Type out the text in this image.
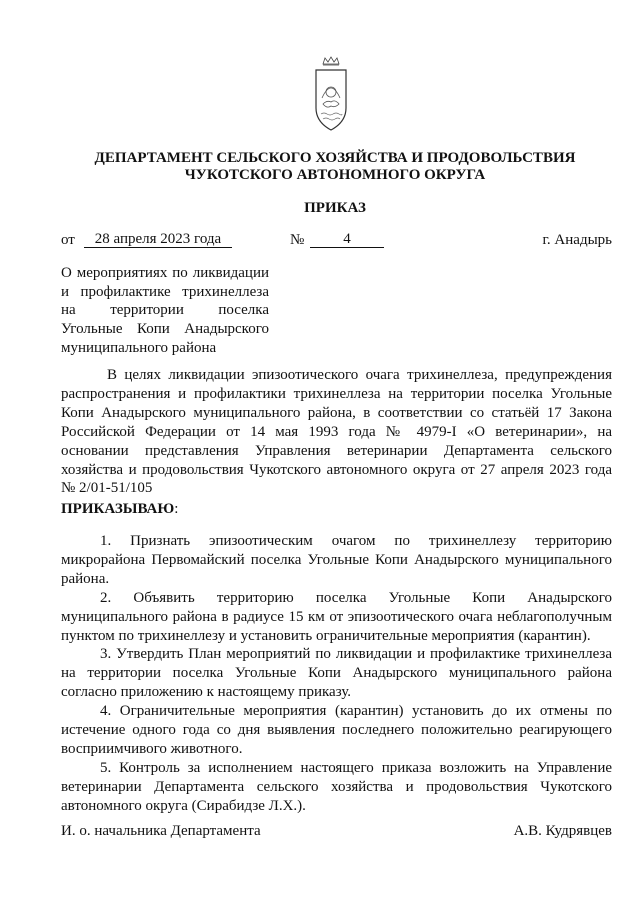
ДЕПАРТАМЕНТ СЕЛЬСКОГО ХОЗЯЙСТВА И ПРОДОВОЛЬСТВИЯ
ЧУКОТСКОГО АВТОНОМНОГО ОКРУГА
ПРИКАЗ
от	28 апреля 2023 года	№	4	г. Анадырь
О мероприятиях по ликвидации
и профилактике трихинеллеза
на территории поселка
Угольные Копи Анадырского
муниципального района
В целях ликвидации эпизоотического очага трихинеллеза, предупреждения
распространения и профилактики трихинеллеза на территории поселка Угольные
Копи Анадырского муниципального района, в соответствии со статьёй 17 Закона
Российской Федерации от 14 мая 1993 года № 4979-I «О ветеринарии», на
основании представления Управления ветеринарии Департамента сельского
хозяйства и продовольствия Чукотского автономного округа от 27 апреля 2023 года
№ 2/01-51/105
ПРИКАЗЫВАЮ:
1. Признать эпизоотическим очагом по трихинеллезу территорию
микрорайона Первомайский поселка Угольные Копи Анадырского муниципального
района.
2. Объявить территорию поселка Угольные Копи Анадырского
муниципального района в радиусе 15 км от эпизоотического очага неблагополучным
пунктом по трихинеллезу и установить ограничительные мероприятия (карантин).
3. Утвердить План мероприятий по ликвидации и профилактике трихинеллеза
на территории поселка Угольные Копи Анадырского муниципального района
согласно приложению к настоящему приказу.
4. Ограничительные мероприятия (карантин) установить до их отмены по
истечение одного года со дня выявления последнего положительно реагирующего
восприимчивого животного.
5. Контроль за исполнением настоящего приказа возложить на Управление
ветеринарии Департамента сельского хозяйства и продовольствия Чукотского
автономного округа (Сирабидзе Л.Х.).
И. о. начальника Департамента	А.В. Кудрявцев
